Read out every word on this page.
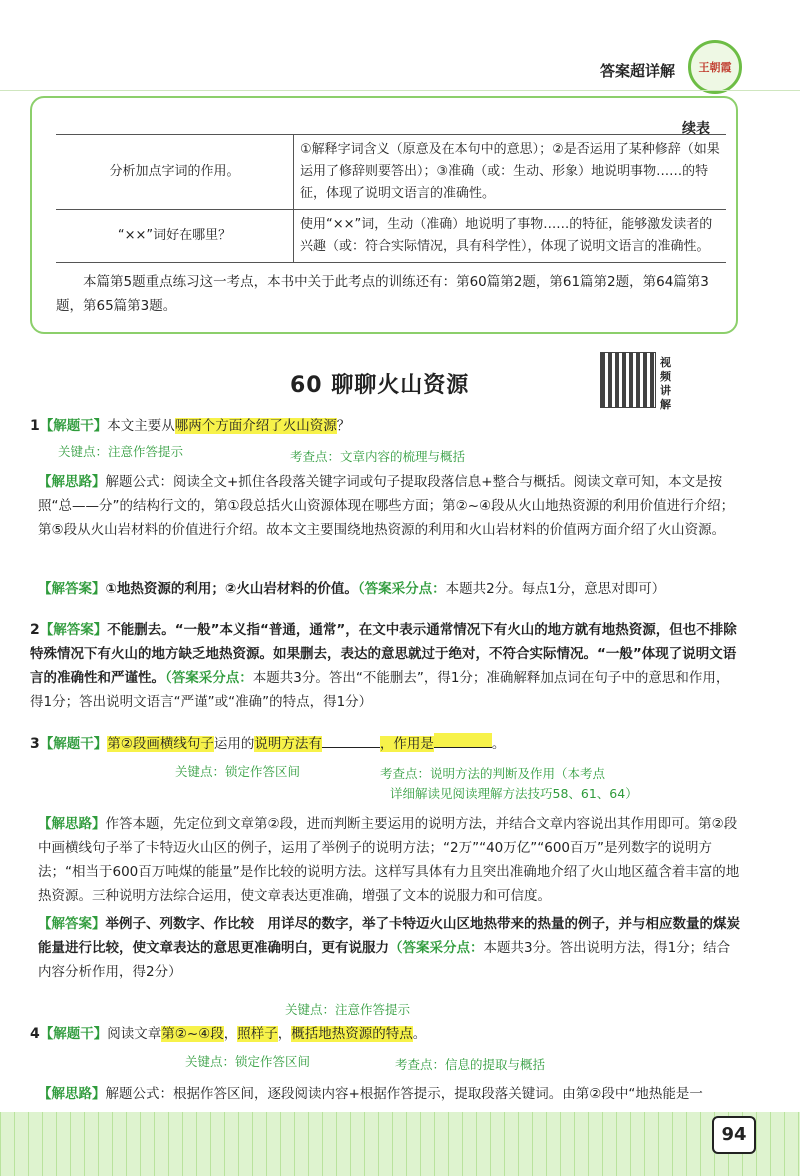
答案超详解	王朝霞
续表
分析加点字词的作用。	①解释字词含义（原意及在本句中的意思）；②是否运用了某种修辞（如果运用了修辞则要答出）；③准确（或：生动、形象）地说明事物……的特征，体现了说明文语言的准确性。
“××”词好在哪里？	使用“××”词，生动（准确）地说明了事物……的特征，能够激发读者的兴趣（或：符合实际情况，具有科学性），体现了说明文语言的准确性。
本篇第5题重点练习这一考点，本书中关于此考点的训练还有：第60篇第2题，第61篇第2题，第64篇第3题，第65篇第3题。
60 聊聊火山资源
视频讲解
1【解题干】本文主要从哪两个方面介绍了火山资源？
关键点：注意作答提示	考查点：文章内容的梳理与概括
【解思路】解题公式：阅读全文+抓住各段落关键字词或句子提取段落信息+整合与概括。阅读文章可知，本文是按照“总——分”的结构行文的，第①段总括火山资源体现在哪些方面；第②~④段从火山地热资源的利用价值进行介绍；第⑤段从火山岩材料的价值进行介绍。故本文主要围绕地热资源的利用和火山岩材料的价值两方面介绍了火山资源。
【解答案】①地热资源的利用；②火山岩材料的价值。（答案采分点：本题共2分。每点1分，意思对即可）
2【解答案】不能删去。“一般”本义指“普通，通常”，在文中表示通常情况下有火山的地方就有地热资源，但也不排除特殊情况下有火山的地方缺乏地热资源。如果删去，表达的意思就过于绝对，不符合实际情况。“一般”体现了说明文语言的准确性和严谨性。（答案采分点：本题共3分。答出“不能删去”，得1分；准确解释加点词在句子中的意思和作用，得1分；答出说明文语言“严谨”或“准确”的特点，得1分）
3【解题干】第②段画横线句子运用的说明方法有	，作用是	。
关键点：锁定作答区间	考查点：说明方法的判断及作用（本考点
详细解读见阅读理解方法技巧58、61、64）
【解思路】作答本题，先定位到文章第②段，进而判断主要运用的说明方法，并结合文章内容说出其作用即可。第②段中画横线句子举了卡特迈火山区的例子，运用了举例子的说明方法；“2万”“40万亿”“600百万”是列数字的说明方法；“相当于600百万吨煤的能量”是作比较的说明方法。这样写具体有力且突出准确地介绍了火山地区蕴含着丰富的地热资源。三种说明方法综合运用，使文章表达更准确，增强了文本的说服力和可信度。
【解答案】举例子、列数字、作比较　用详尽的数字，举了卡特迈火山区地热带来的热量的例子，并与相应数量的煤炭能量进行比较，使文章表达的意思更准确明白，更有说服力（答案采分点：本题共3分。答出说明方法，得1分；结合内容分析作用，得2分）
关键点：注意作答提示
4【解题干】阅读文章第②~④段，照样子，概括地热资源的特点。
关键点：锁定作答区间	考查点：信息的提取与概括
【解思路】解题公式：根据作答区间，逐段阅读内容+根据作答提示，提取段落关键词。由第②段中“地热能是一
94
